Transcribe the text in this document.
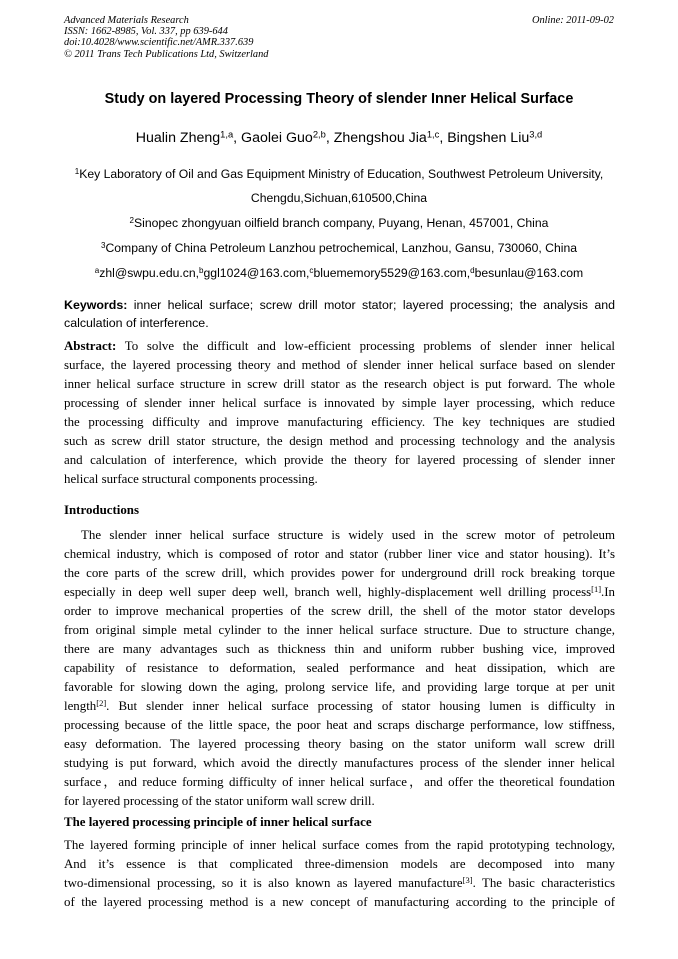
Advanced Materials Research
ISSN: 1662-8985, Vol. 337, pp 639-644
doi:10.4028/www.scientific.net/AMR.337.639
© 2011 Trans Tech Publications Ltd, Switzerland
Online: 2011-09-02
Study on layered Processing Theory of slender Inner Helical Surface
Hualin Zheng$^{1,a}$, Gaolei Guo$^{2,b}$, Zhengshou Jia$^{1,c}$, Bingshen Liu$^{3,d}$
$^1$Key Laboratory of Oil and Gas Equipment Ministry of Education, Southwest Petroleum University,
Chengdu,Sichuan,610500,China
$^2$Sinopec zhongyuan oilfield branch company, Puyang, Henan, 457001, China
$^3$Company of China Petroleum Lanzhou petrochemical, Lanzhou, Gansu, 730060, China
$^a$zhl@swpu.edu.cn,$^b$ggl1024@163.com,$^c$bluememory5529@163.com,$^d$besunlau@163.com
Keywords: inner helical surface; screw drill motor stator; layered processing; the analysis and
calculation of interference.
Abstract: To solve the difficult and low-efficient processing problems of slender inner helical
surface, the layered processing theory and method of slender inner helical surface based on slender
inner helical surface structure in screw drill stator as the research object is put forward. The whole
processing of slender inner helical surface is innovated by simple layer processing, which reduce
the processing difficulty and improve manufacturing efficiency. The key techniques are studied
such as screw drill stator structure, the design method and processing technology and the analysis
and calculation of interference, which provide the theory for layered processing of slender inner
helical surface structural components processing.
Introductions
The slender inner helical surface structure is widely used in the screw motor of petroleum
chemical industry, which is composed of rotor and stator (rubber liner vice and stator housing). It’s
the core parts of the screw drill, which provides power for underground drill rock breaking torque
especially in deep well super deep well, branch well, highly-displacement well drilling process[1].In
order to improve mechanical properties of the screw drill, the shell of the motor stator develops
from original simple metal cylinder to the inner helical surface structure. Due to structure change,
there are many advantages such as thickness thin and uniform rubber bushing vice, improved
capability of resistance to deformation, sealed performance and heat dissipation, which are
favorable for slowing down the aging, prolong service life, and providing large torque at per unit
length[2]. But slender inner helical surface processing of stator housing lumen is difficulty in
processing because of the little space, the poor heat and scraps discharge performance, low stiffness,
easy deformation. The layered processing theory basing on the stator uniform wall screw drill
studying is put forward, which avoid the directly manufactures process of the slender inner helical
surface，and reduce forming difficulty of inner helical surface，and offer the theoretical foundation
for layered processing of the stator uniform wall screw drill.
The layered processing principle of inner helical surface
The layered forming principle of inner helical surface comes from the rapid prototyping technology,
And it’s essence is that complicated three-dimension models are decomposed into many
two-dimensional processing, so it is also known as layered manufacture[3]. The basic characteristics
of the layered processing method is a new concept of manufacturing according to the principle of
